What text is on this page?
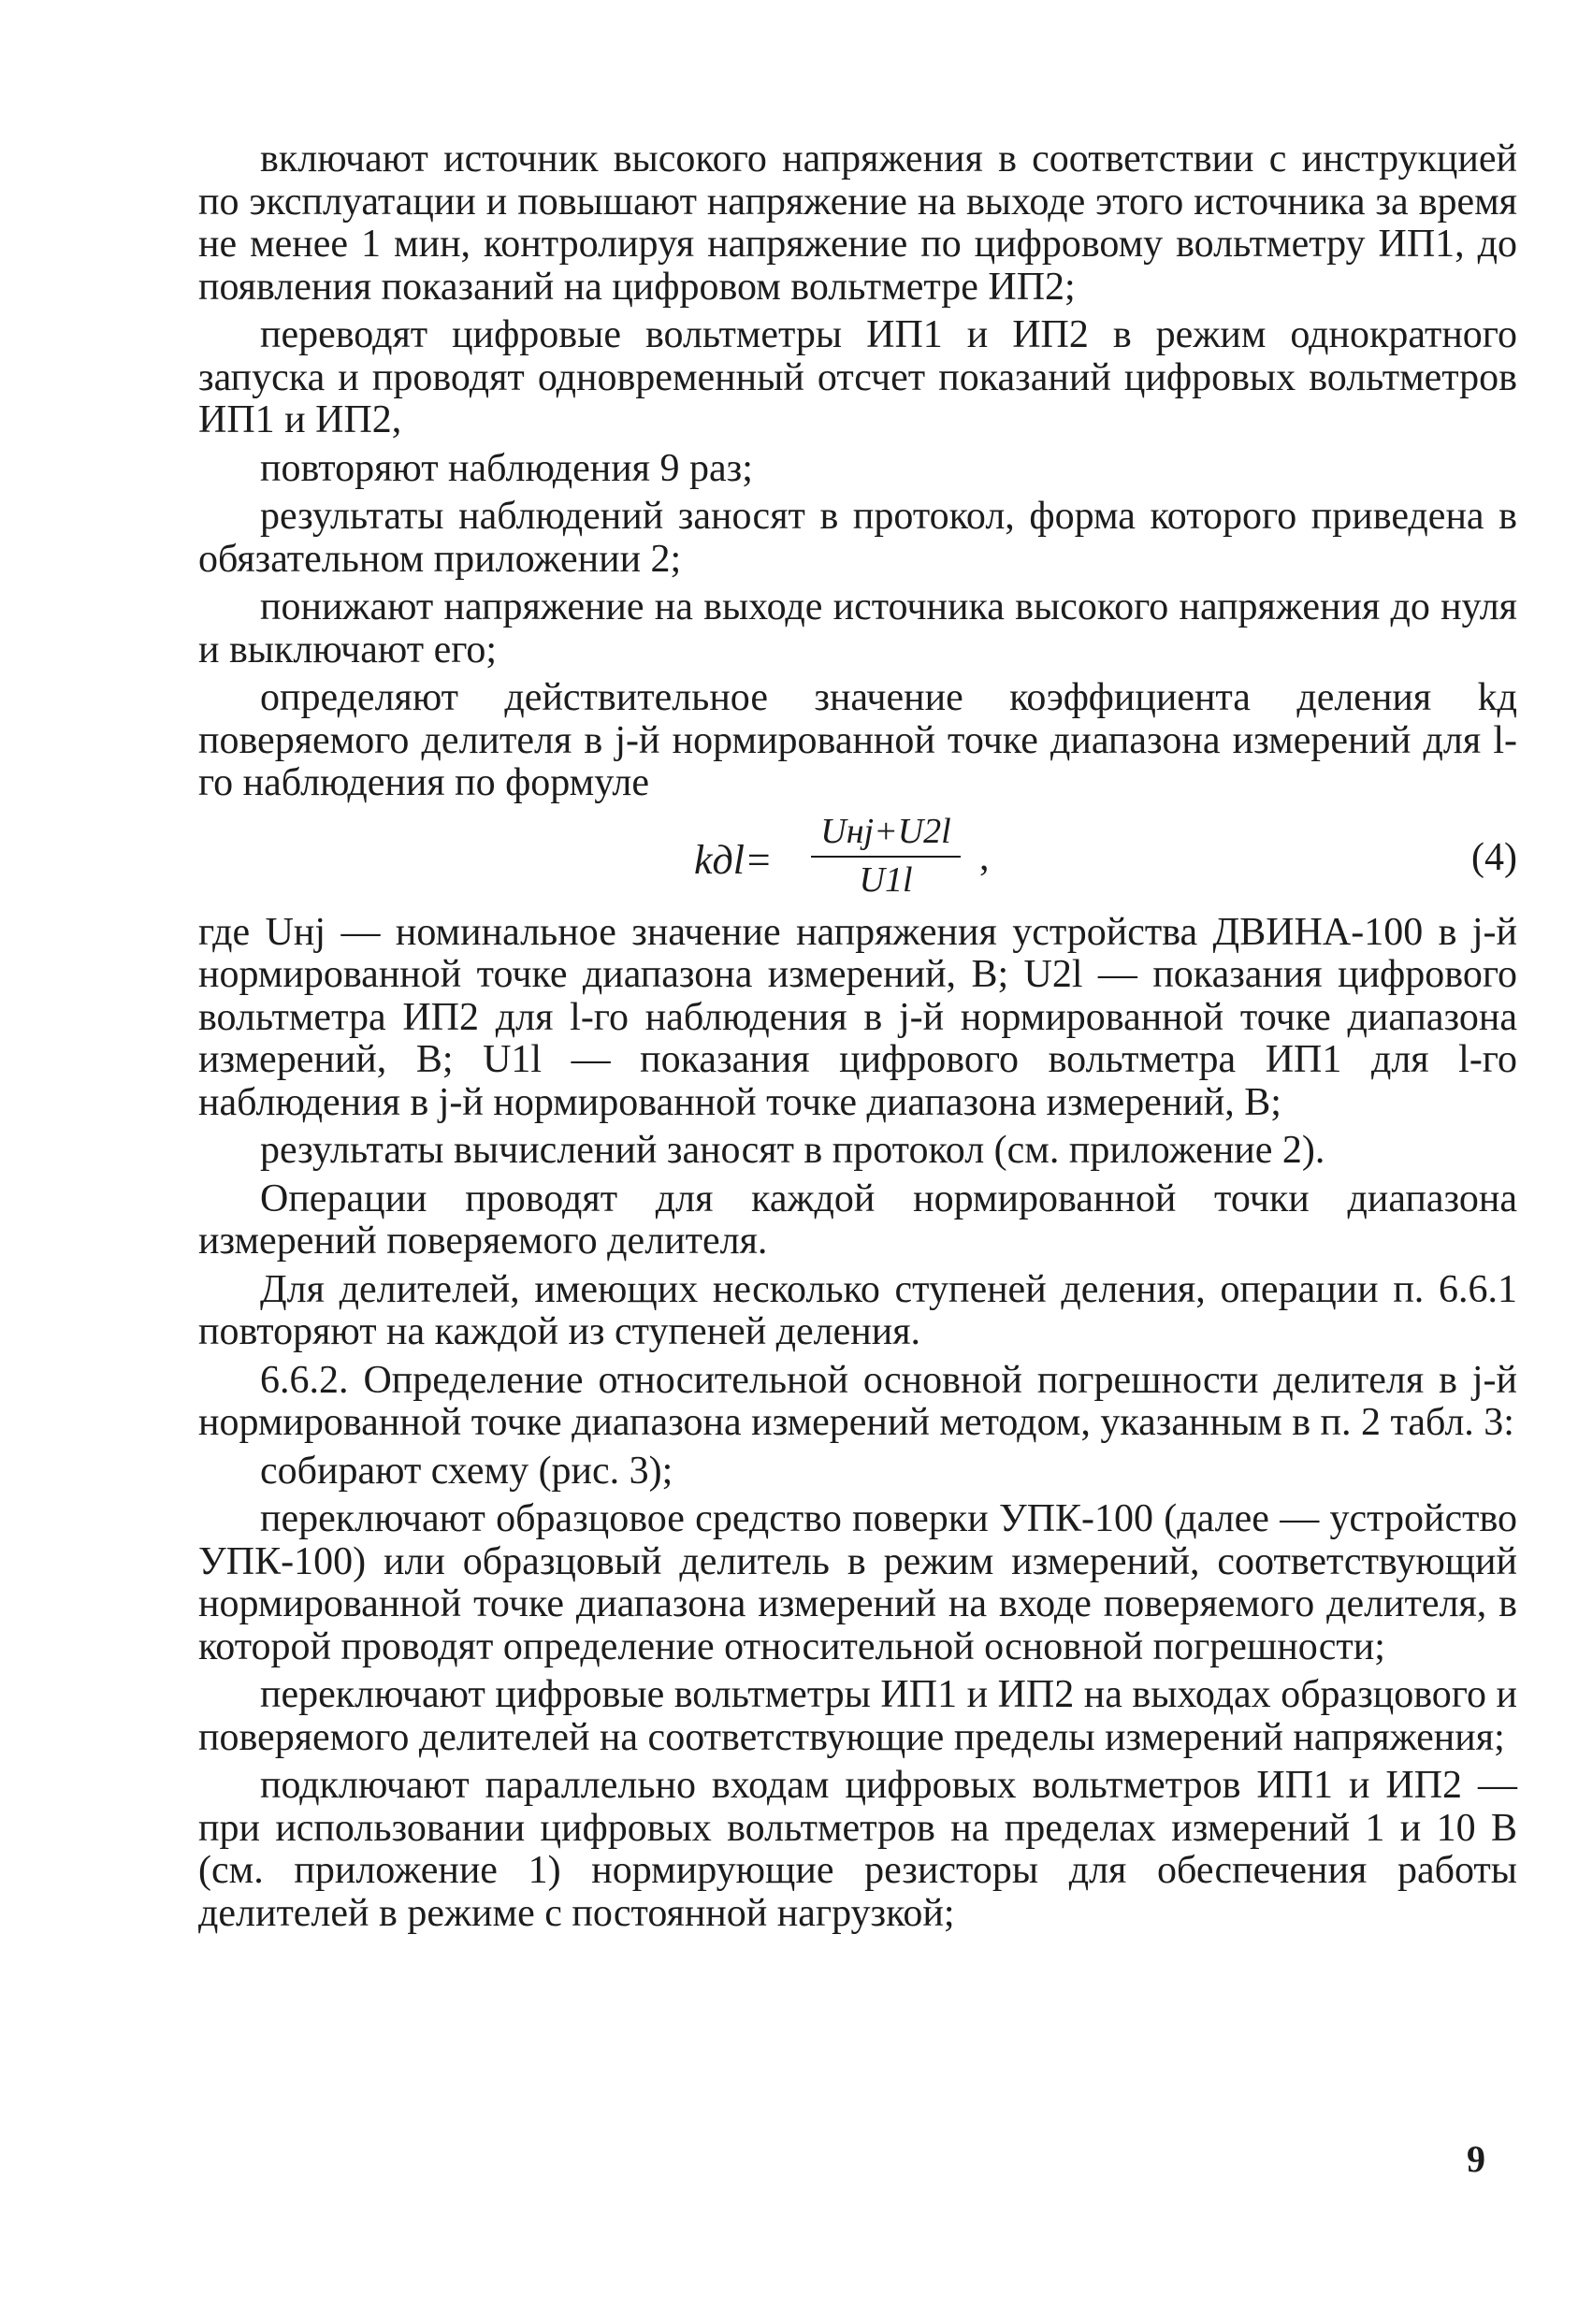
включают источник высокого напряжения в соответствии с инструкцией по эксплуатации и повышают напряжение на выходе этого источника за время не менее 1 мин, контролируя напряжение по цифровому вольтметру ИП1, до появления показаний на цифровом вольтметре ИП2;

переводят цифровые вольтметры ИП1 и ИП2 в режим однократного запуска и проводят одновременный отсчет показаний цифровых вольтметров ИП1 и ИП2,

повторяют наблюдения 9 раз;

результаты наблюдений заносят в протокол, форма которого приведена в обязательном приложении 2;

понижают напряжение на выходе источника высокого напряжения до нуля и выключают его;

определяют действительное значение коэффициента деления kд поверяемого делителя в j-й нормированной точке диапазона измерений для l-го наблюдения по формуле

kдl=
Uнj+U2l
U1l
,	(4)

где Uнj — номинальное значение напряжения устройства ДВИНА-100 в j-й нормированной точке диапазона измерений, В; U2l — показания цифрового вольтметра ИП2 для l-го наблюдения в j-й нормированной точке диапазона измерений, В; U1l — показания цифрового вольтметра ИП1 для l-го наблюдения в j-й нормированной точке диапазона измерений, В;

результаты вычислений заносят в протокол (см. приложение 2).

Операции проводят для каждой нормированной точки диапазона измерений поверяемого делителя.

Для делителей, имеющих несколько ступеней деления, операции п. 6.6.1 повторяют на каждой из ступеней деления.

6.6.2. Определение относительной основной погрешности делителя в j-й нормированной точке диапазона измерений методом, указанным в п. 2 табл. 3:

собирают схему (рис. 3);

переключают образцовое средство поверки УПК-100 (далее — устройство УПК-100) или образцовый делитель в режим измерений, соответствующий нормированной точке диапазона измерений на входе поверяемого делителя, в которой проводят определение относительной основной погрешности;

переключают цифровые вольтметры ИП1 и ИП2 на выходах образцового и поверяемого делителей на соответствующие пределы измерений напряжения;

подключают параллельно входам цифровых вольтметров ИП1 и ИП2 — при использовании цифровых вольтметров на пределах измерений 1 и 10 В (см. приложение 1) нормирующие резисторы для обеспечения работы делителей в режиме с постоянной нагрузкой;

9
